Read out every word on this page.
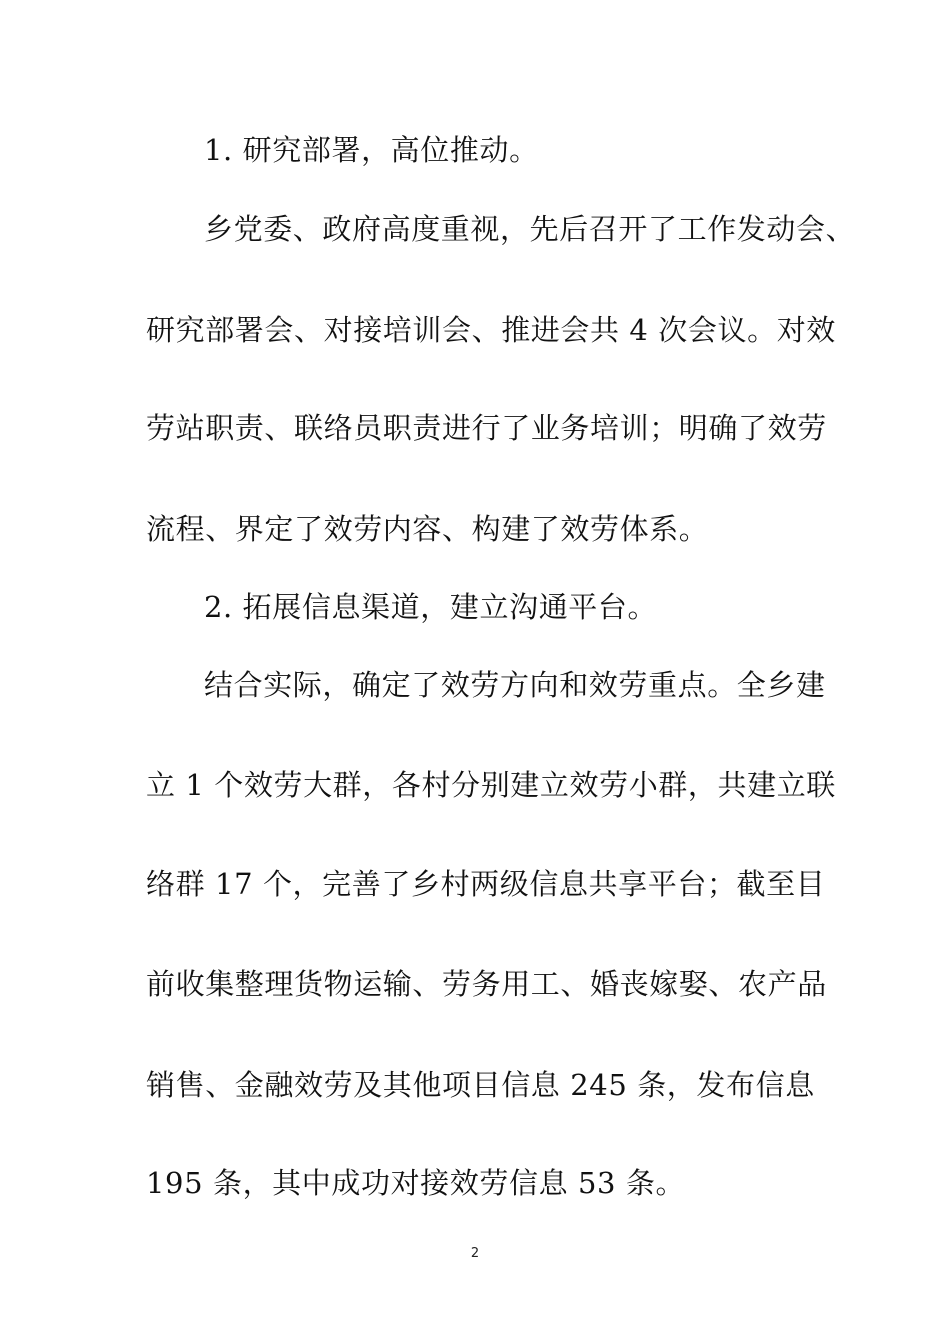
1. 研究部署，高位推动。
乡党委、政府高度重视，先后召开了工作发动会、
研究部署会、对接培训会、推进会共 4 次会议。对效
劳站职责、联络员职责进行了业务培训；明确了效劳
流程、界定了效劳内容、构建了效劳体系。
2. 拓展信息渠道，建立沟通平台。
结合实际，确定了效劳方向和效劳重点。全乡建
立 1 个效劳大群，各村分别建立效劳小群，共建立联
络群 17 个，完善了乡村两级信息共享平台；截至目
前收集整理货物运输、劳务用工、婚丧嫁娶、农产品
销售、金融效劳及其他项目信息 245 条，发布信息
195 条，其中成功对接效劳信息 53 条。
2
